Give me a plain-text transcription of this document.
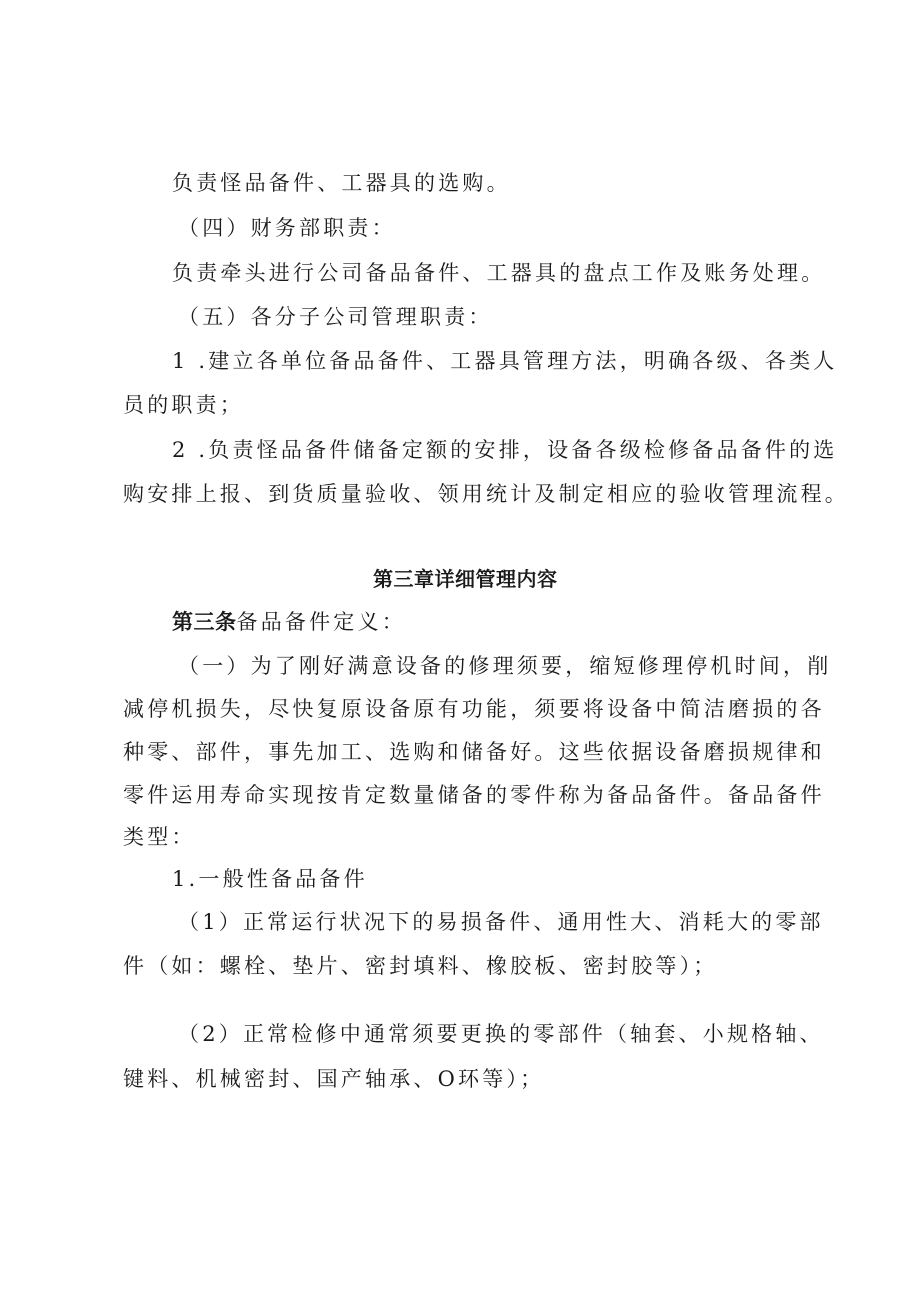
负责怪品备件、工器具的选购。
（四）财务部职责：
负责牵头进行公司备品备件、工器具的盘点工作及账务处理。
（五）各分子公司管理职责：
1 .建立各单位备品备件、工器具管理方法，明确各级、各类人
员的职责；
2 .负责怪品备件储备定额的安排，设备各级检修备品备件的选
购安排上报、到货质量验收、领用统计及制定相应的验收管理流程。
第三章详细管理内容
第三条备品备件定义：
（一）为了刚好满意设备的修理须要，缩短修理停机时间，削
减停机损失，尽快复原设备原有功能，须要将设备中简洁磨损的各
种零、部件，事先加工、选购和储备好。这些依据设备磨损规律和
零件运用寿命实现按肯定数量储备的零件称为备品备件。备品备件
类型：
1.一般性备品备件
（1）正常运行状况下的易损备件、通用性大、消耗大的零部
件（如：螺栓、垫片、密封填料、橡胶板、密封胶等）；
（2）正常检修中通常须要更换的零部件（轴套、小规格轴、
键料、机械密封、国产轴承、O环等）；
